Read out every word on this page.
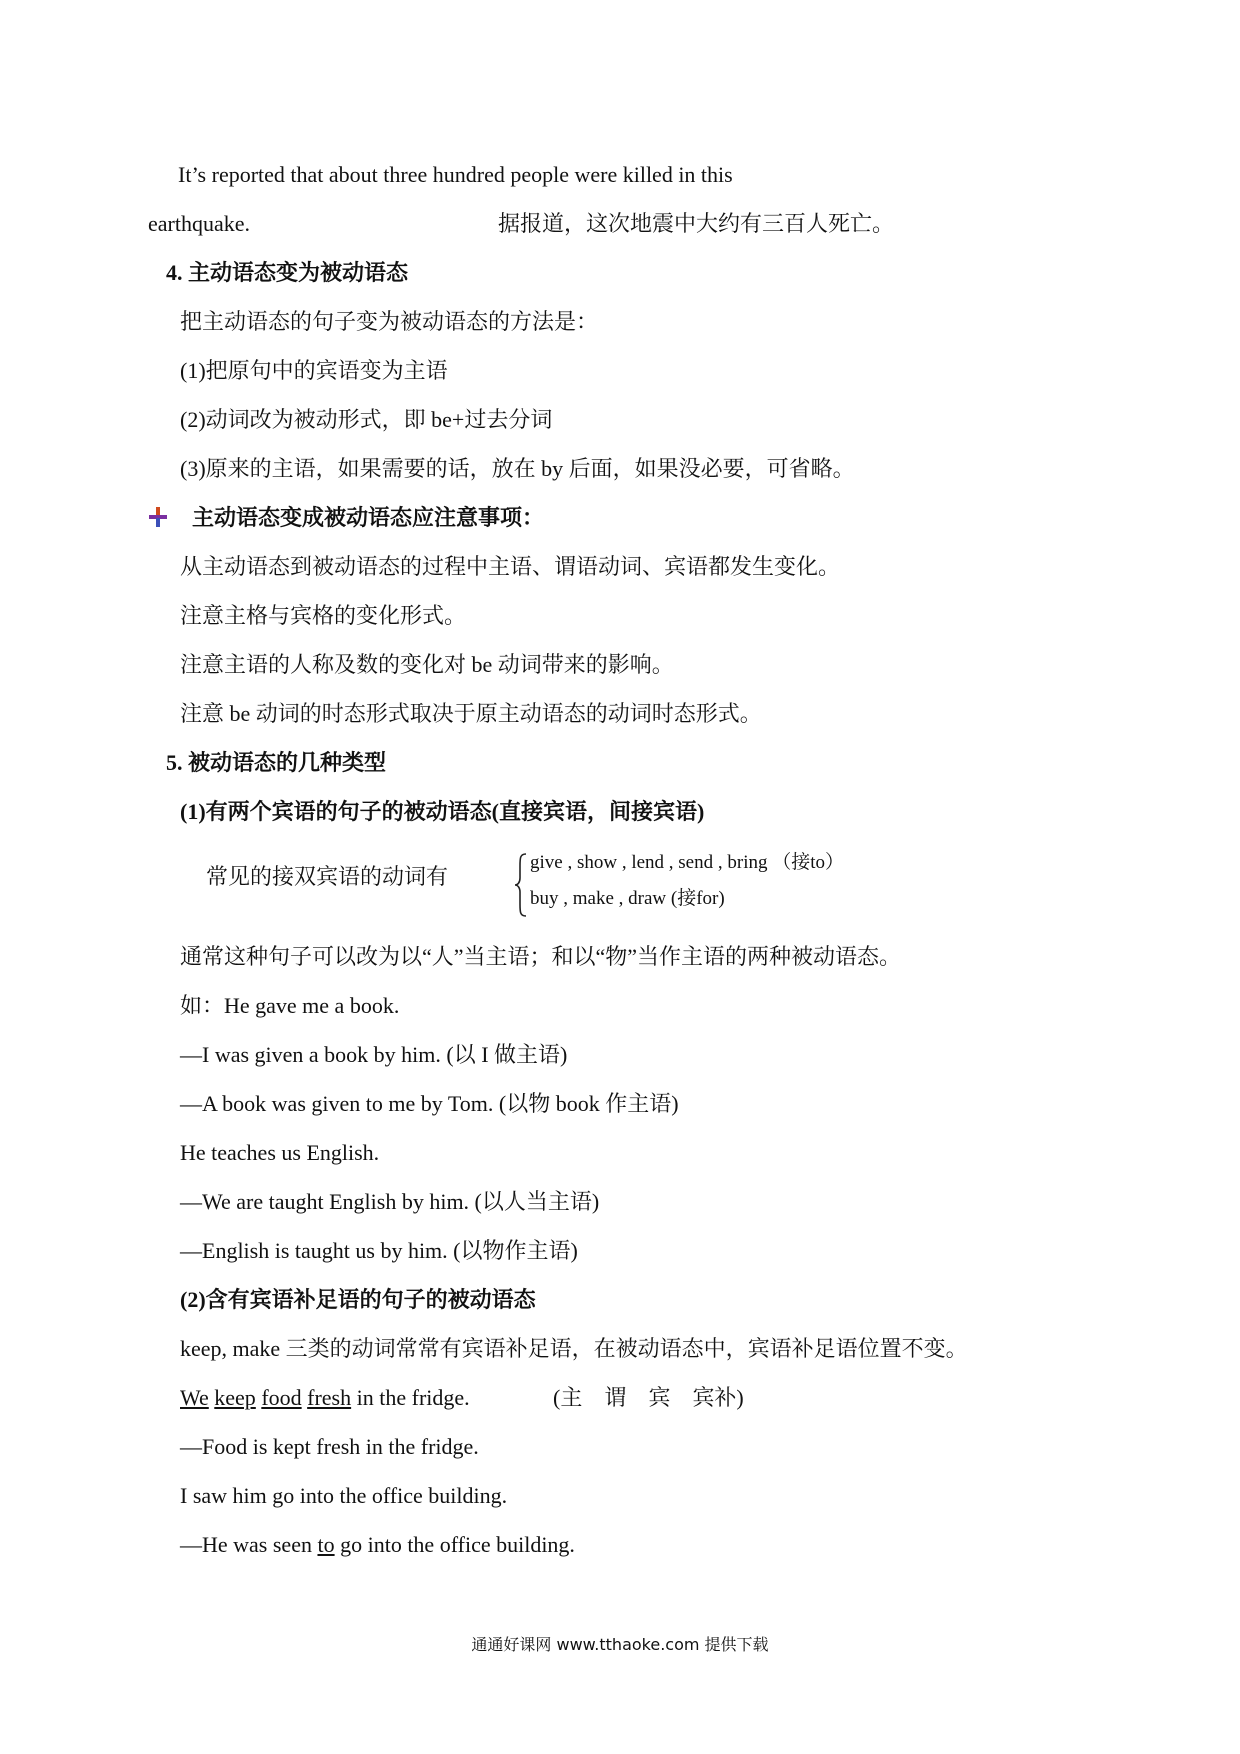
It’s reported that about three hundred people were killed in this
earthquake.	据报道，这次地震中大约有三百人死亡。
4. 主动语态变为被动语态
把主动语态的句子变为被动语态的方法是：
(1)把原句中的宾语变为主语
(2)动词改为被动形式，即 be+过去分词
(3)原来的主语，如果需要的话，放在 by 后面，如果没必要，可省略。
主动语态变成被动语态应注意事项：
从主动语态到被动语态的过程中主语、谓语动词、宾语都发生变化。
注意主格与宾格的变化形式。
注意主语的人称及数的变化对 be 动词带来的影响。
注意 be 动词的时态形式取决于原主动语态的动词时态形式。
5. 被动语态的几种类型
(1)有两个宾语的句子的被动语态(直接宾语，间接宾语)
常见的接双宾语的动词有
give , show , lend , send , bring （接to）
buy , make , draw (接for)
通常这种句子可以改为以“人”当主语；和以“物”当作主语的两种被动语态。
如：He gave me a book.
—I was given a book by him. (以 I 做主语)
—A book was given to me by Tom. (以物 book 作主语)
He teaches us English.
—We are taught English by him. (以人当主语)
—English is taught us by him. (以物作主语)
(2)含有宾语补足语的句子的被动语态
keep, make 三类的动词常常有宾语补足语，在被动语态中，宾语补足语位置不变。
We keep food fresh in the fridge.	(主　谓　宾　宾补)
—Food is kept fresh in the fridge.
I saw him go into the office building.
—He was seen to go into the office building.
通通好课网 www.tthaoke.com 提供下载
